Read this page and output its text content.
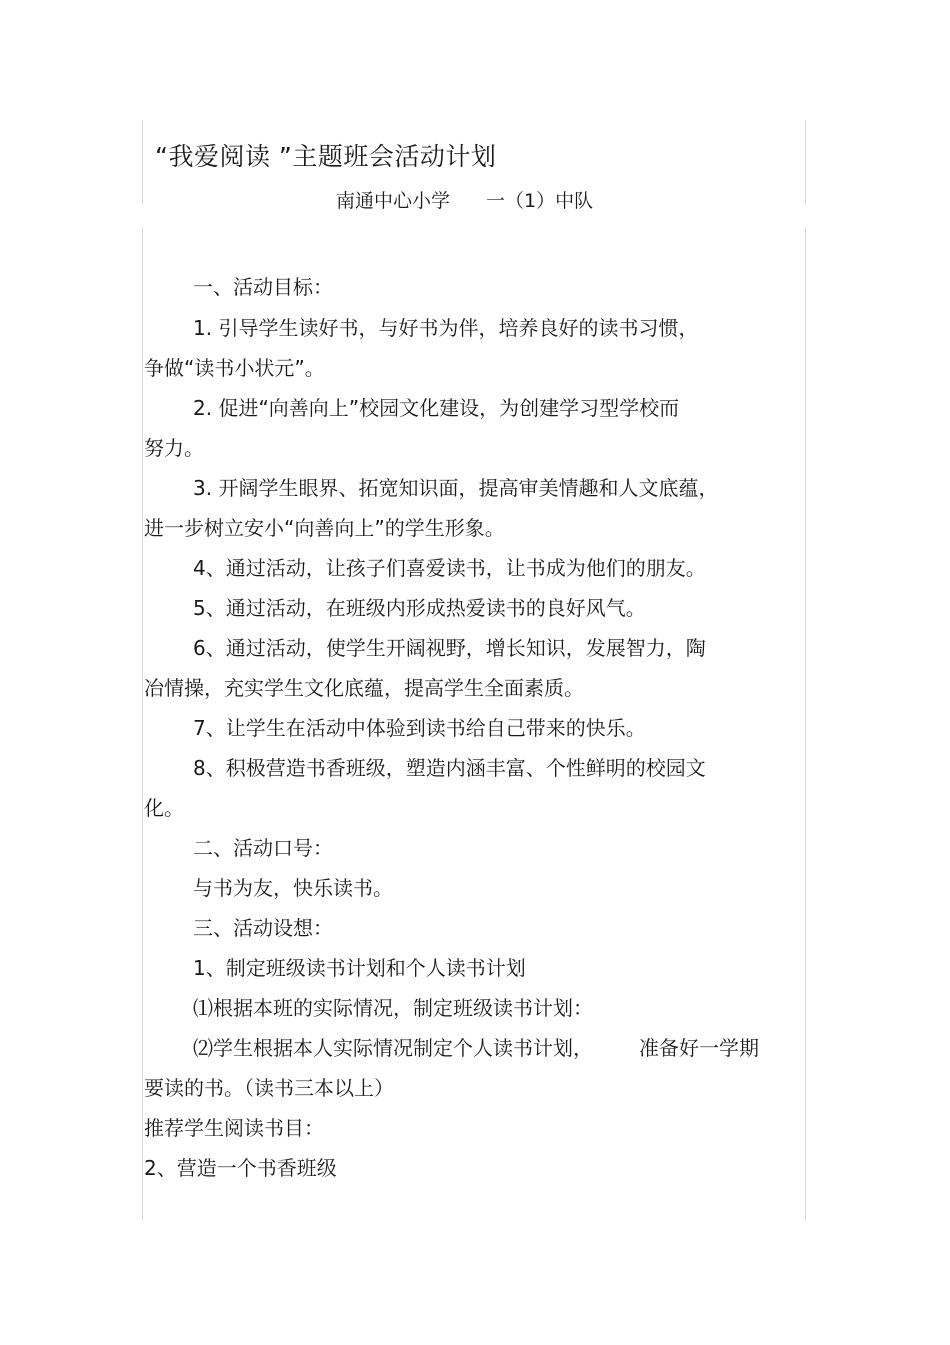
“我爱阅读 ”主题班会活动计划
南通中心小学 一（1）中队
一、活动目标：
1. 引导学生读好书，与好书为伴，培养良好的读书习惯，
争做“读书小状元”。
2. 促进“向善向上”校园文化建设，为创建学习型学校而
努力。
3. 开阔学生眼界、拓宽知识面，提高审美情趣和人文底蕴，
进一步树立安小“向善向上”的学生形象。
4、通过活动，让孩子们喜爱读书，让书成为他们的朋友。
5、通过活动，在班级内形成热爱读书的良好风气。
6、通过活动，使学生开阔视野，增长知识，发展智力，陶
冶情操，充实学生文化底蕴，提高学生全面素质。
7、让学生在活动中体验到读书给自己带来的快乐。
8、积极营造书香班级，塑造内涵丰富、个性鲜明的校园文
化。
二、活动口号：
与书为友，快乐读书。
三、活动设想：
1、制定班级读书计划和个人读书计划
⑴根据本班的实际情况，制定班级读书计划：
⑵学生根据本人实际情况制定个人读书计划， 准备好一学期
要读的书。（读书三本以上）
推荐学生阅读书目：
2、营造一个书香班级
